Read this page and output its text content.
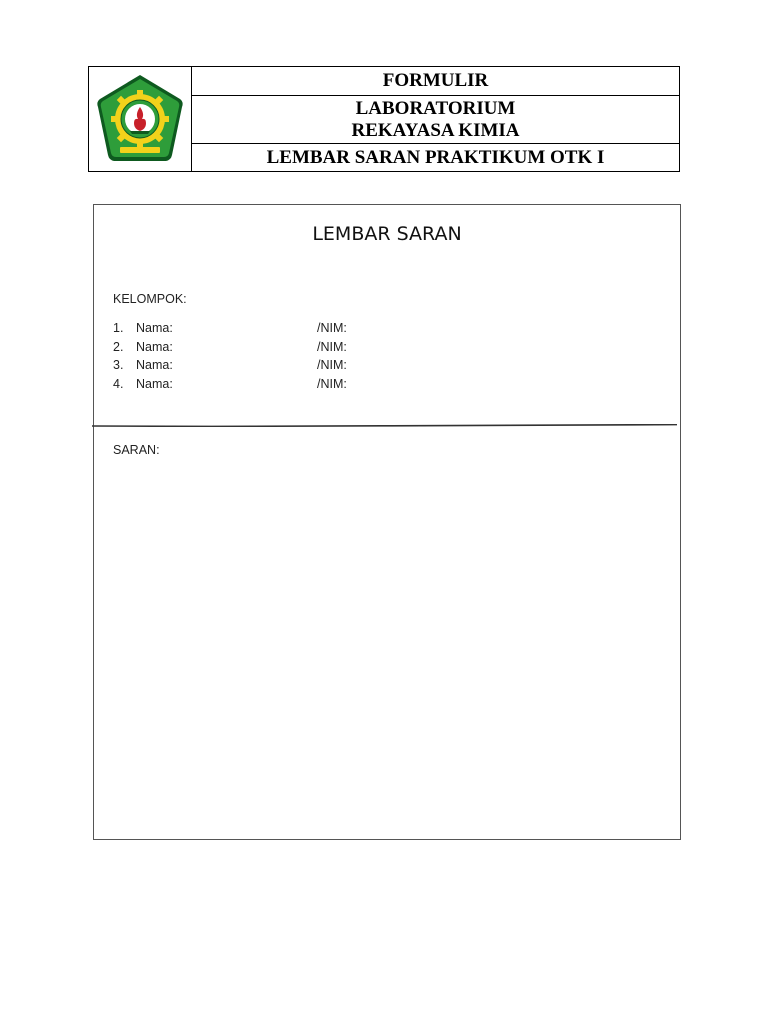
	FORMULIR

LABORATORIUM
REKAYASA KIMIA

LEMBAR SARAN PRAKTIKUM OTK I
LEMBAR SARAN
KELOMPOK:
1. Nama:	/NIM:
2. Nama:	/NIM:
3. Nama:	/NIM:
4. Nama:	/NIM:
SARAN:
